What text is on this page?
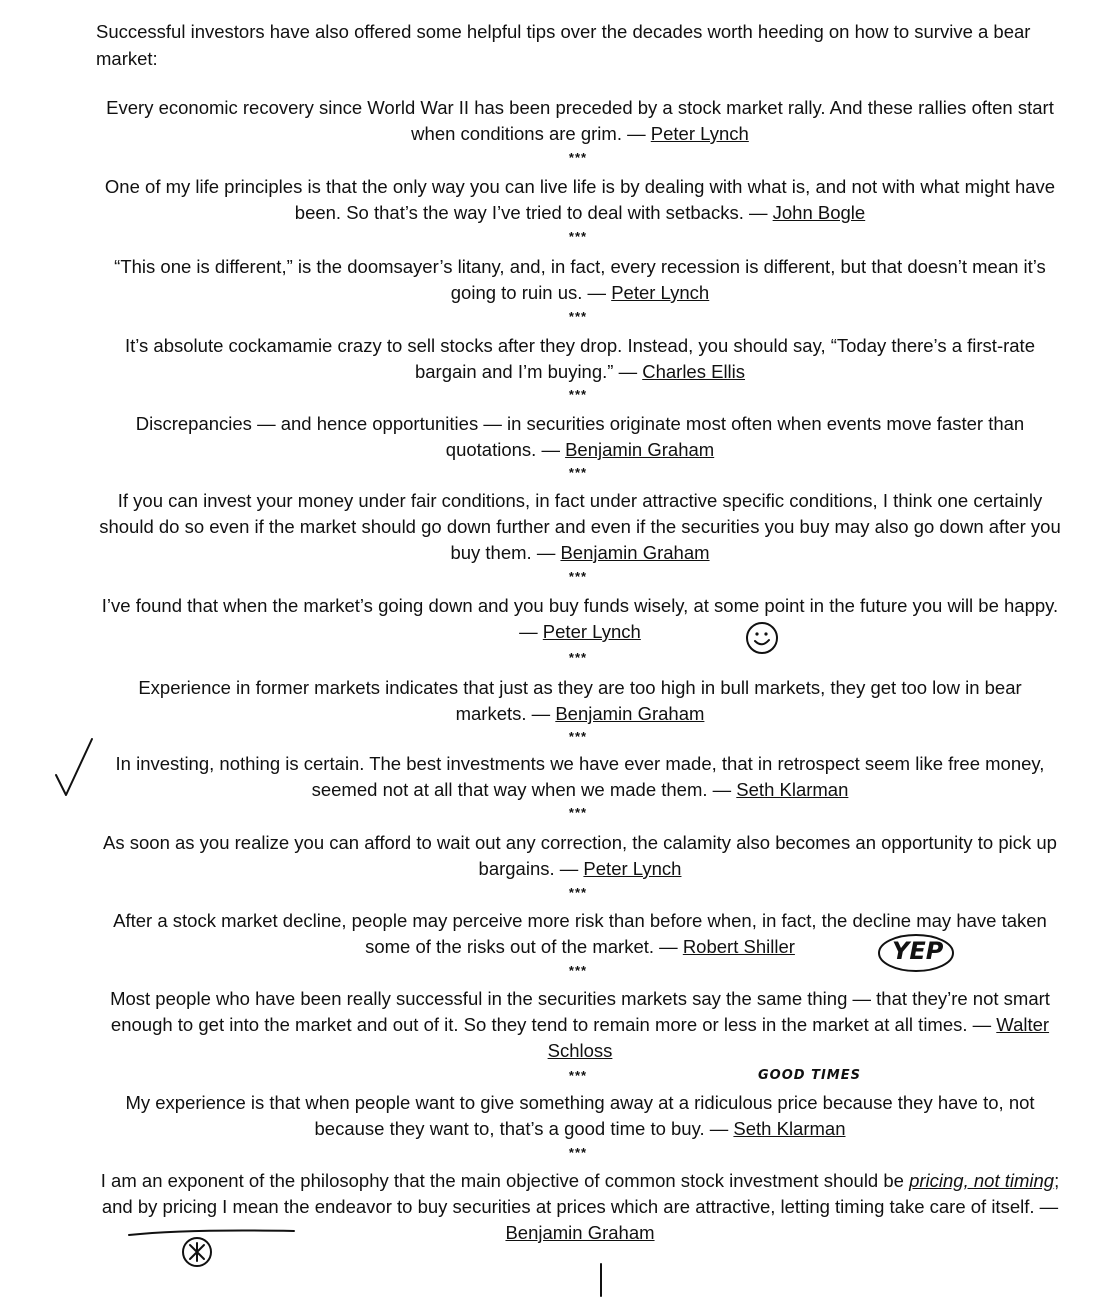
Successful investors have also offered some helpful tips over the decades worth heeding on how to survive a bear market:
Every economic recovery since World War II has been preceded by a stock market rally. And these rallies often start when conditions are grim. — Peter Lynch
***
One of my life principles is that the only way you can live life is by dealing with what is, and not with what might have been. So that’s the way I’ve tried to deal with setbacks. — John Bogle
***
“This one is different,” is the doomsayer’s litany, and, in fact, every recession is different, but that doesn’t mean it’s going to ruin us. — Peter Lynch
***
It’s absolute cockamamie crazy to sell stocks after they drop. Instead, you should say, “Today there’s a first-rate bargain and I’m buying.” — Charles Ellis
***
Discrepancies — and hence opportunities — in securities originate most often when events move faster than quotations. — Benjamin Graham
***
If you can invest your money under fair conditions, in fact under attractive specific conditions, I think one certainly should do so even if the market should go down further and even if the securities you buy may also go down after you buy them. — Benjamin Graham
***
I’ve found that when the market’s going down and you buy funds wisely, at some point in the future you will be happy. — Peter Lynch
***
Experience in former markets indicates that just as they are too high in bull markets, they get too low in bear markets. — Benjamin Graham
***
In investing, nothing is certain. The best investments we have ever made, that in retrospect seem like free money, seemed not at all that way when we made them. — Seth Klarman
***
As soon as you realize you can afford to wait out any correction, the calamity also becomes an opportunity to pick up bargains. — Peter Lynch
***
After a stock market decline, people may perceive more risk than before when, in fact, the decline may have taken some of the risks out of the market. — Robert Shiller
***
Most people who have been really successful in the securities markets say the same thing — that they’re not smart enough to get into the market and out of it. So they tend to remain more or less in the market at all times. — Walter Schloss
***
My experience is that when people want to give something away at a ridiculous price because they have to, not because they want to, that’s a good time to buy. — Seth Klarman
***
I am an exponent of the philosophy that the main objective of common stock investment should be pricing, not timing; and by pricing I mean the endeavor to buy securities at prices which are attractive, letting timing take care of itself. — Benjamin Graham
YEP
GOOD TIMES
